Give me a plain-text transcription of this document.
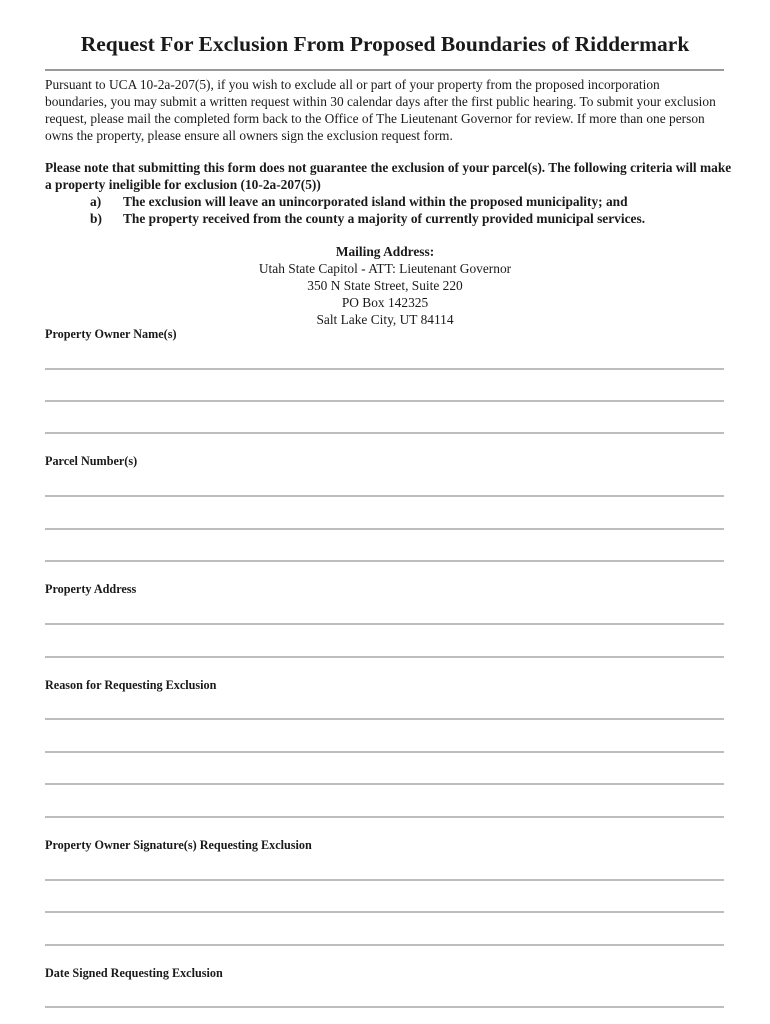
Request For Exclusion From Proposed Boundaries of Riddermark
Pursuant to UCA 10-2a-207(5), if you wish to exclude all or part of your property from the proposed incorporation boundaries, you may submit a written request within 30 calendar days after the first public hearing. To submit your exclusion request, please mail the completed form back to the Office of The Lieutenant Governor for review. If more than one person owns the property, please ensure all owners sign the exclusion request form.
Please note that submitting this form does not guarantee the exclusion of your parcel(s). The following criteria will make a property ineligible for exclusion (10-2a-207(5))
a) The exclusion will leave an unincorporated island within the proposed municipality; and
b) The property received from the county a majority of currently provided municipal services.
Mailing Address:
Utah State Capitol - ATT: Lieutenant Governor
350 N State Street, Suite 220
PO Box 142325
Salt Lake City, UT 84114
Property Owner Name(s)
Parcel Number(s)
Property Address
Reason for Requesting Exclusion
Property Owner Signature(s) Requesting Exclusion
Date Signed Requesting Exclusion
